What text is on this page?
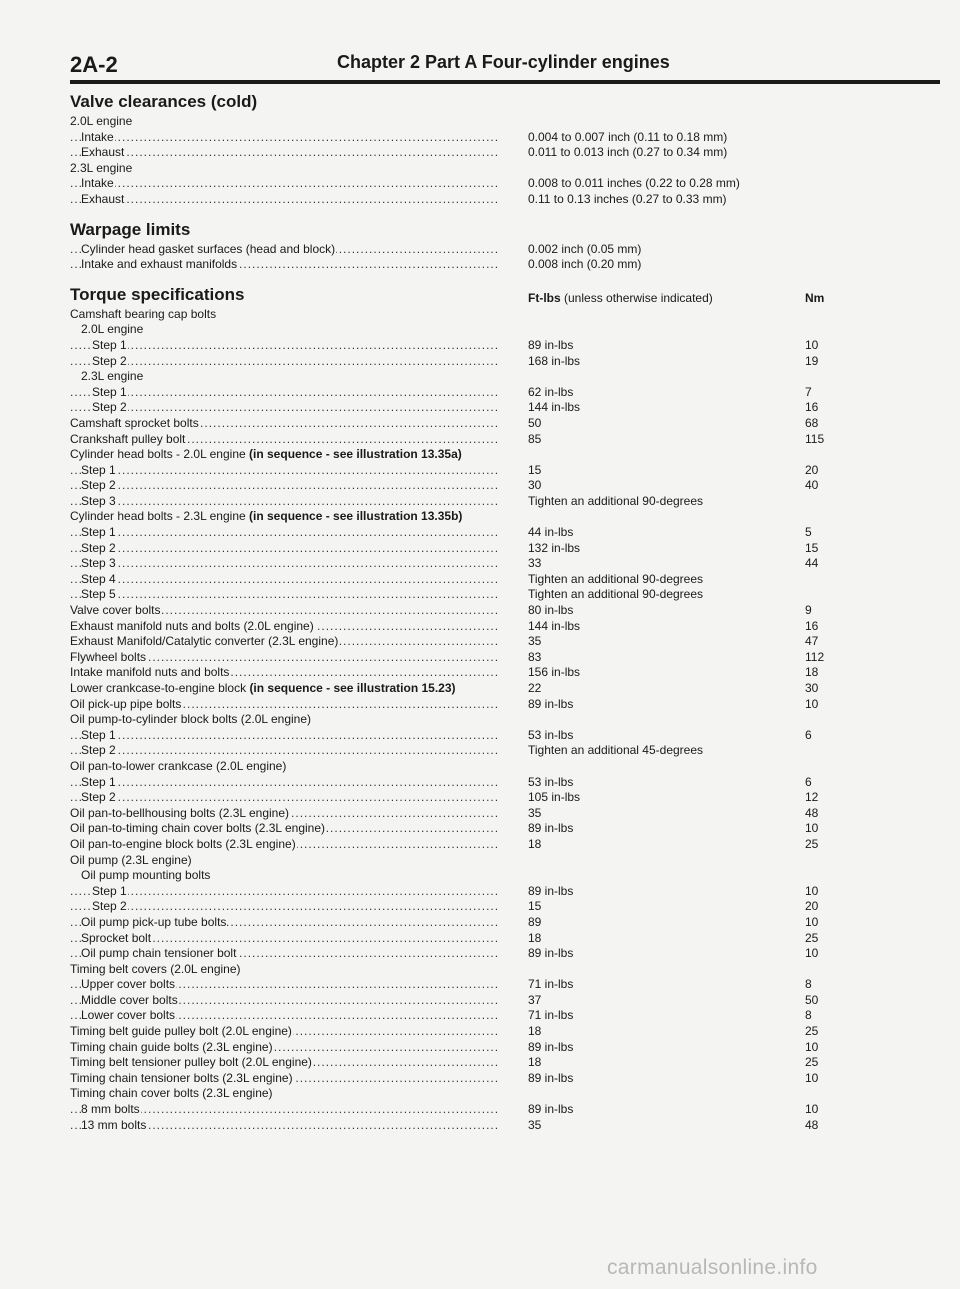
2A-2	Chapter 2 Part A Four-cylinder engines
Valve clearances (cold)
2.0L engine
Intake .....	0.004 to 0.007 inch (0.11 to 0.18 mm)
Exhaust .....	0.011 to 0.013 inch (0.27 to 0.34 mm)
2.3L engine
Intake .....	0.008 to 0.011 inches (0.22 to 0.28 mm)
Exhaust .....	0.11 to 0.13 inches (0.27 to 0.33 mm)
Warpage limits
Cylinder head gasket surfaces (head and block) .....	0.002 inch (0.05 mm)
Intake and exhaust manifolds .....	0.008 inch (0.20 mm)
Torque specifications	Ft-lbs (unless otherwise indicated)	Nm
Camshaft bearing cap bolts
2.0L engine
Step 1 .....	89 in-lbs	10
Step 2 .....	168 in-lbs	19
2.3L engine
Step 1 .....	62 in-lbs	7
Step 2 .....	144 in-lbs	16
Camshaft sprocket bolts .....	50	68
Crankshaft pulley bolt .....	85	115
Cylinder head bolts - 2.0L engine (in sequence - see illustration 13.35a)
Step 1 .....	15	20
Step 2 .....	30	40
Step 3 .....	Tighten an additional 90-degrees
Cylinder head bolts - 2.3L engine (in sequence - see illustration 13.35b)
Step 1 .....	44 in-lbs	5
Step 2 .....	132 in-lbs	15
Step 3 .....	33	44
Step 4 .....	Tighten an additional 90-degrees
Step 5 .....	Tighten an additional 90-degrees
Valve cover bolts .....	80 in-lbs	9
Exhaust manifold nuts and bolts (2.0L engine) .....	144 in-lbs	16
Exhaust Manifold/Catalytic converter (2.3L engine) .....	35	47
Flywheel bolts .....	83	112
Intake manifold nuts and bolts .....	156 in-lbs	18
Lower crankcase-to-engine block (in sequence - see illustration 15.23)	22	30
Oil pick-up pipe bolts .....	89 in-lbs	10
Oil pump-to-cylinder block bolts (2.0L engine)
Step 1 .....	53 in-lbs	6
Step 2 .....	Tighten an additional 45-degrees
Oil pan-to-lower crankcase (2.0L engine)
Step 1 .....	53 in-lbs	6
Step 2 .....	105 in-lbs	12
Oil pan-to-bellhousing bolts (2.3L engine) .....	35	48
Oil pan-to-timing chain cover bolts (2.3L engine) .....	89 in-lbs	10
Oil pan-to-engine block bolts (2.3L engine) .....	18	25
Oil pump (2.3L engine)
Oil pump mounting bolts
Step 1 .....	89 in-lbs	10
Step 2 .....	15	20
Oil pump pick-up tube bolts .....	89	10
Sprocket bolt .....	18	25
Oil pump chain tensioner bolt .....	89 in-lbs	10
Timing belt covers (2.0L engine)
Upper cover bolts .....	71 in-lbs	8
Middle cover bolts .....	37	50
Lower cover bolts .....	71 in-lbs	8
Timing belt guide pulley bolt (2.0L engine) .....	18	25
Timing chain guide bolts (2.3L engine) .....	89 in-lbs	10
Timing belt tensioner pulley bolt (2.0L engine) .....	18	25
Timing chain tensioner bolts (2.3L engine) .....	89 in-lbs	10
Timing chain cover bolts (2.3L engine)
8 mm bolts .....	89 in-lbs	10
13 mm bolts .....	35	48
carmanualsonline.info
